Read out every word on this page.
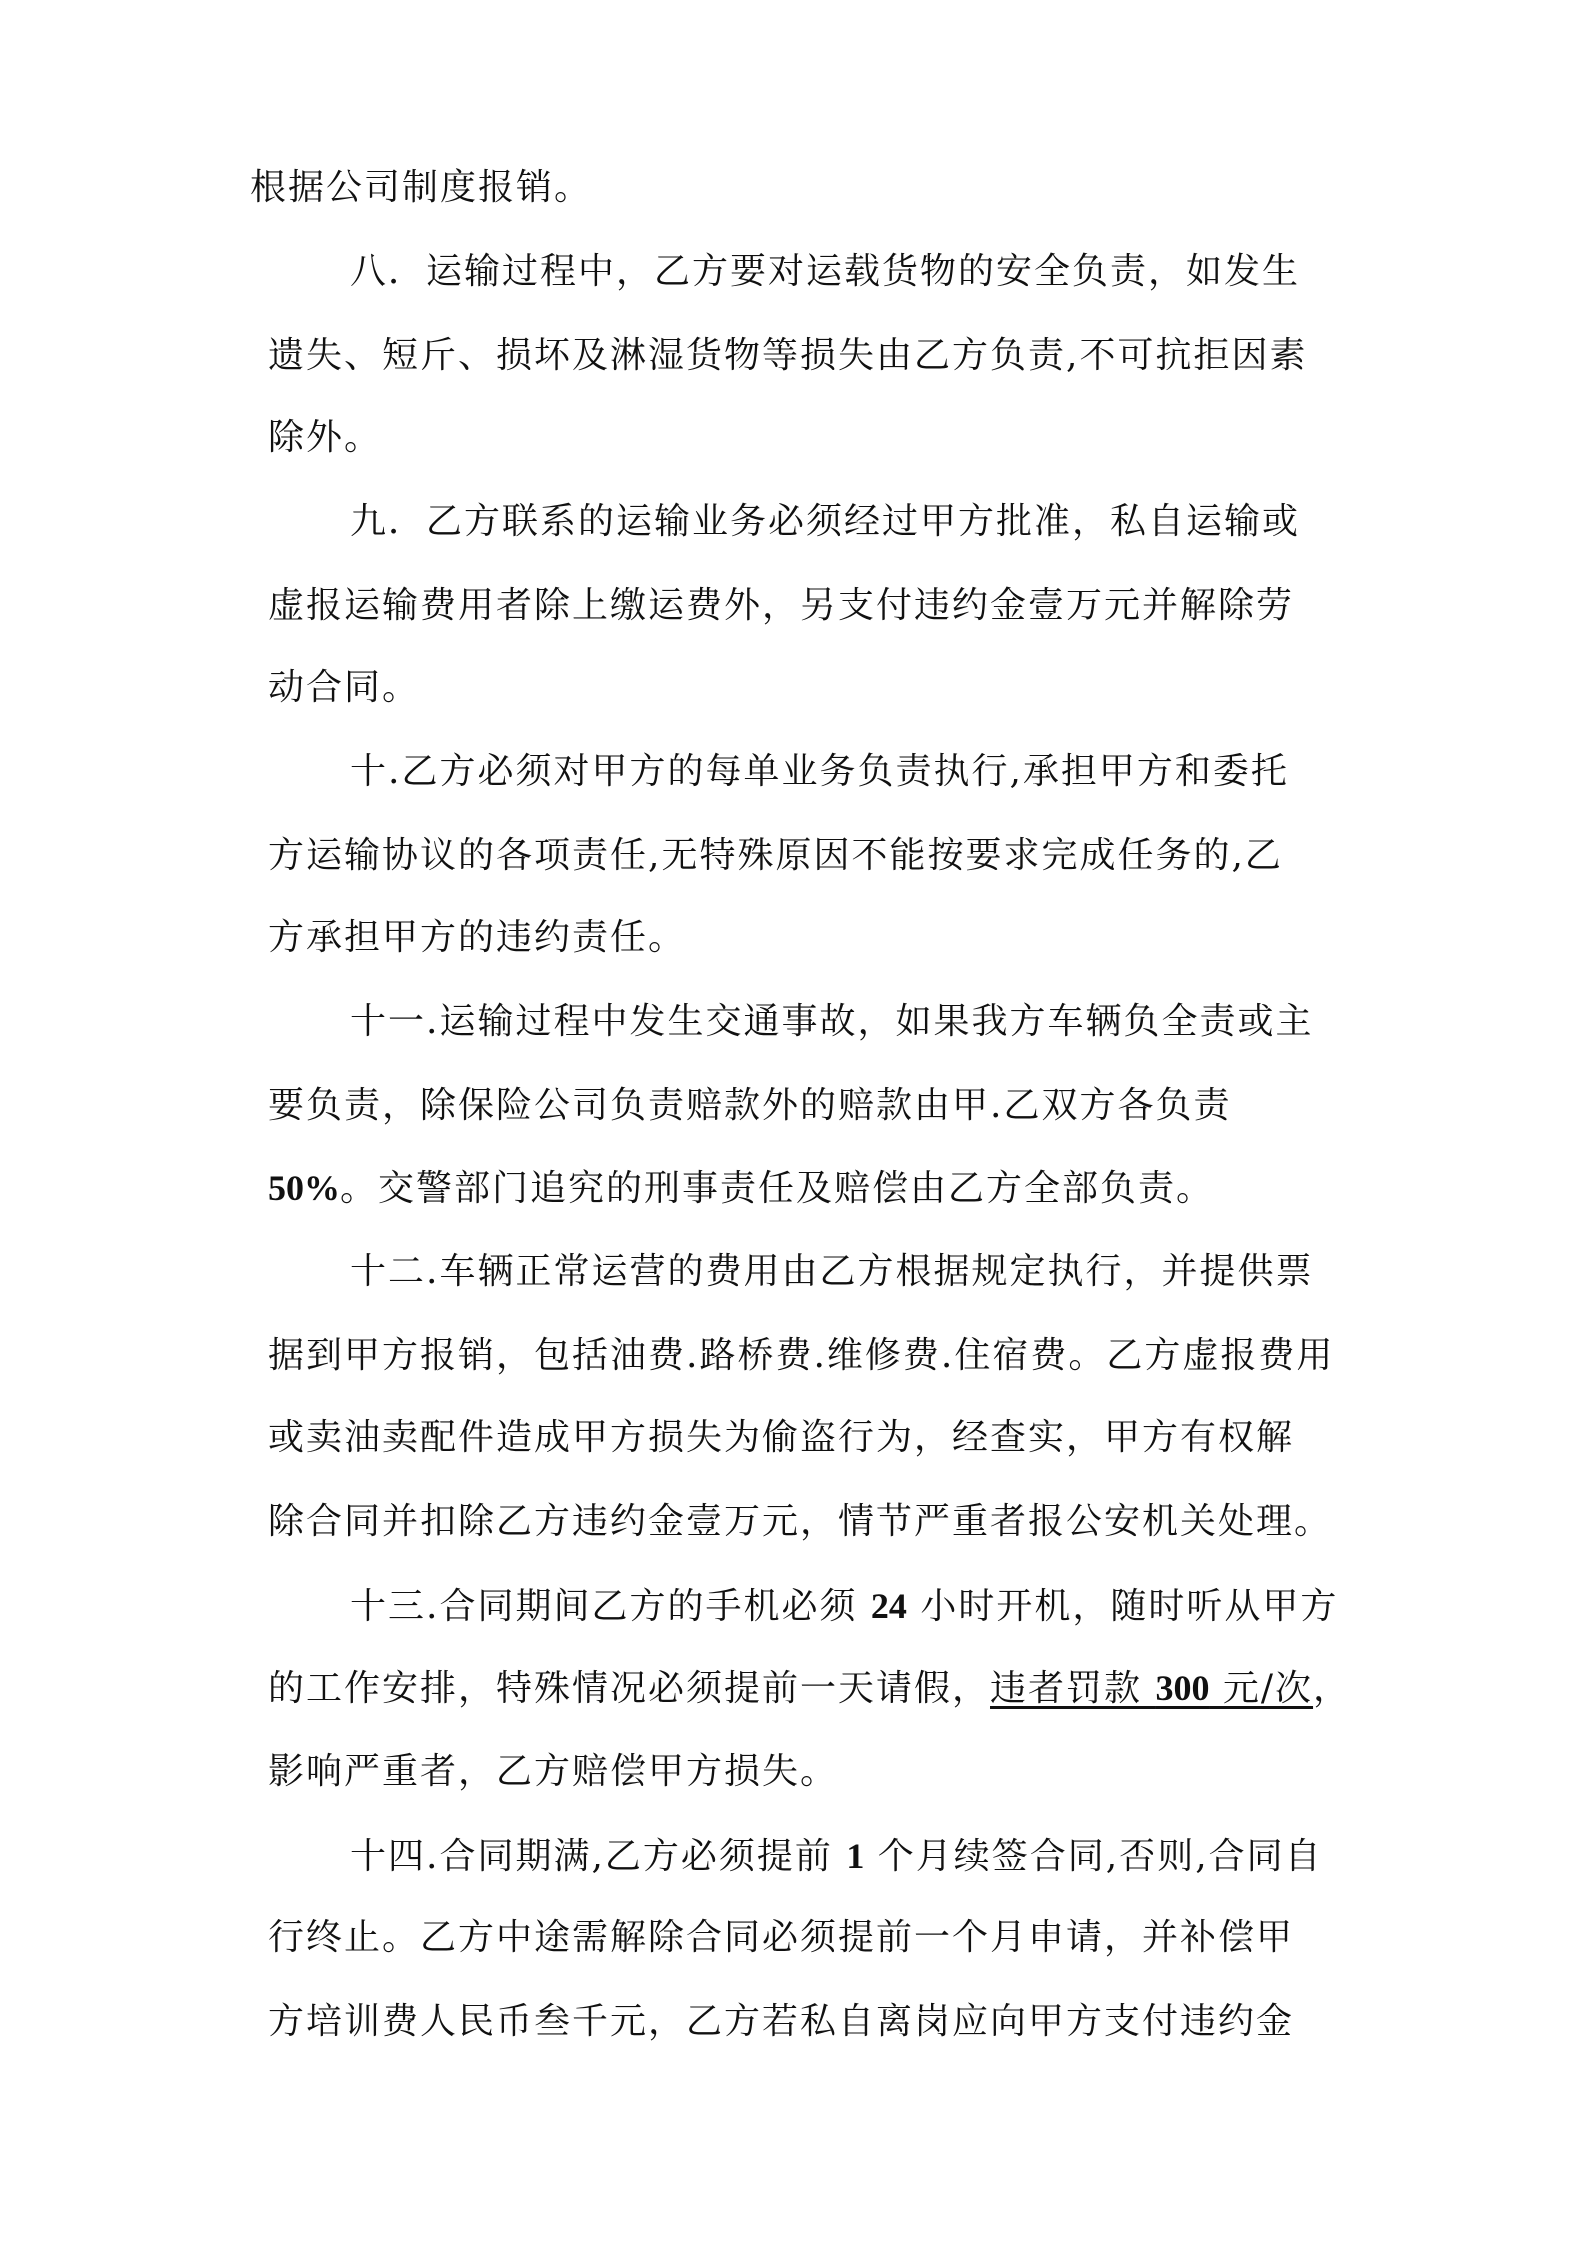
根据公司制度报销。
八．运输过程中，乙方要对运载货物的安全负责，如发生
遗失、短斤、损坏及淋湿货物等损失由乙方负责,不可抗拒因素
除外。
九．乙方联系的运输业务必须经过甲方批准，私自运输或
虚报运输费用者除上缴运费外，另支付违约金壹万元并解除劳
动合同。
十.乙方必须对甲方的每单业务负责执行,承担甲方和委托
方运输协议的各项责任,无特殊原因不能按要求完成任务的,乙
方承担甲方的违约责任。
十一.运输过程中发生交通事故，如果我方车辆负全责或主
要负责，除保险公司负责赔款外的赔款由甲.乙双方各负责
50%。交警部门追究的刑事责任及赔偿由乙方全部负责。
十二.车辆正常运营的费用由乙方根据规定执行，并提供票
据到甲方报销，包括油费.路桥费.维修费.住宿费。乙方虚报费用
或卖油卖配件造成甲方损失为偷盗行为，经查实，甲方有权解
除合同并扣除乙方违约金壹万元，情节严重者报公安机关处理。
十三.合同期间乙方的手机必须 24 小时开机，随时听从甲方
的工作安排，特殊情况必须提前一天请假，违者罚款 300 元/次，
影响严重者，乙方赔偿甲方损失。
十四.合同期满,乙方必须提前 1 个月续签合同,否则,合同自
行终止。乙方中途需解除合同必须提前一个月申请，并补偿甲
方培训费人民币叁千元，乙方若私自离岗应向甲方支付违约金
